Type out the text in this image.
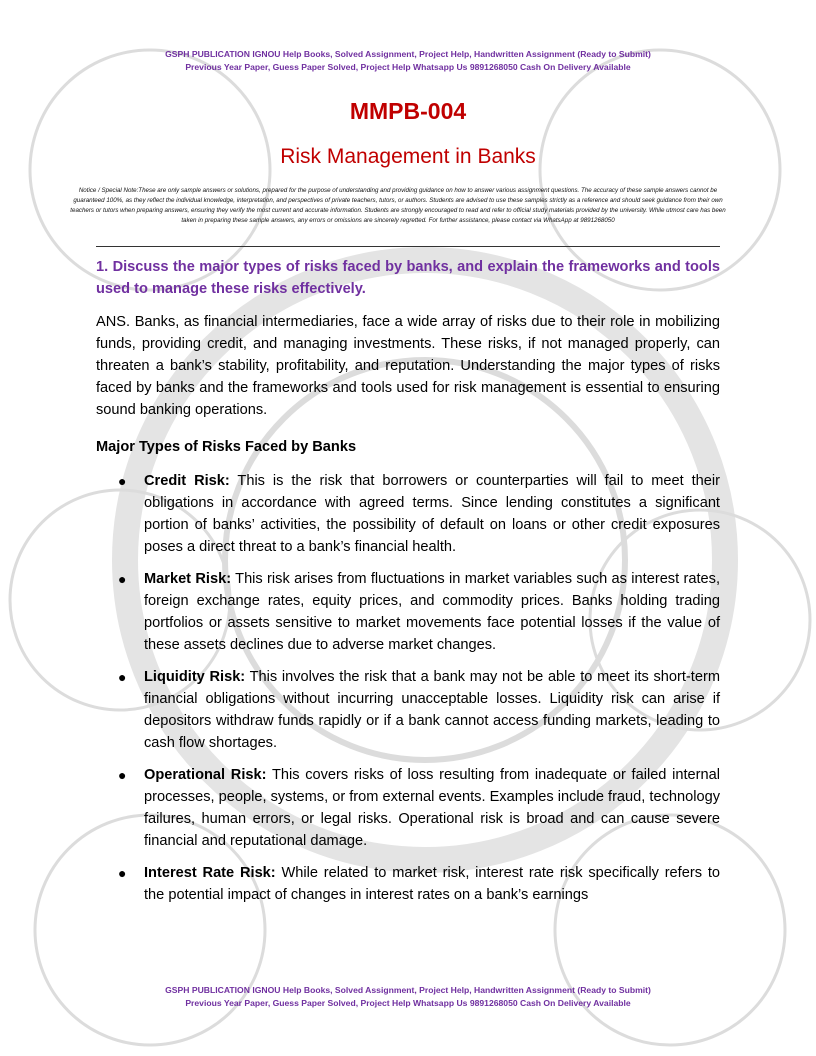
GSPH PUBLICATION IGNOU Help Books, Solved Assignment, Project Help, Handwritten Assignment (Ready to Submit)
Previous Year Paper, Guess Paper Solved, Project Help Whatsapp Us 9891268050 Cash On Delivery Available
MMPB-004
Risk Management in Banks
Notice / Special Note:These are only sample answers or solutions, prepared for the purpose of understanding and providing guidance on how to answer various assignment questions. The accuracy of these sample answers cannot be guaranteed 100%, as they reflect the individual knowledge, interpretation, and perspectives of private teachers, tutors, or authors. Students are advised to use these samples strictly as a reference and should seek guidance from their own teachers or tutors when preparing answers, ensuring they verify the most current and accurate information. Students are strongly encouraged to read and refer to official study materials provided by the university. While utmost care has been taken in preparing these sample answers, any errors or omissions are sincerely regretted. For further assistance, please contact via WhatsApp at 9891268050
1. Discuss the major types of risks faced by banks, and explain the frameworks and tools used to manage these risks effectively.
ANS. Banks, as financial intermediaries, face a wide array of risks due to their role in mobilizing funds, providing credit, and managing investments. These risks, if not managed properly, can threaten a bank’s stability, profitability, and reputation. Understanding the major types of risks faced by banks and the frameworks and tools used for risk management is essential to ensuring sound banking operations.
Major Types of Risks Faced by Banks
● Credit Risk: This is the risk that borrowers or counterparties will fail to meet their obligations in accordance with agreed terms. Since lending constitutes a significant portion of banks’ activities, the possibility of default on loans or other credit exposures poses a direct threat to a bank’s financial health.
● Market Risk: This risk arises from fluctuations in market variables such as interest rates, foreign exchange rates, equity prices, and commodity prices. Banks holding trading portfolios or assets sensitive to market movements face potential losses if the value of these assets declines due to adverse market changes.
● Liquidity Risk: This involves the risk that a bank may not be able to meet its short-term financial obligations without incurring unacceptable losses. Liquidity risk can arise if depositors withdraw funds rapidly or if a bank cannot access funding markets, leading to cash flow shortages.
● Operational Risk: This covers risks of loss resulting from inadequate or failed internal processes, people, systems, or from external events. Examples include fraud, technology failures, human errors, or legal risks. Operational risk is broad and can cause severe financial and reputational damage.
● Interest Rate Risk: While related to market risk, interest rate risk specifically refers to the potential impact of changes in interest rates on a bank’s earnings
GSPH PUBLICATION IGNOU Help Books, Solved Assignment, Project Help, Handwritten Assignment (Ready to Submit)
Previous Year Paper, Guess Paper Solved, Project Help Whatsapp Us 9891268050 Cash On Delivery Available
